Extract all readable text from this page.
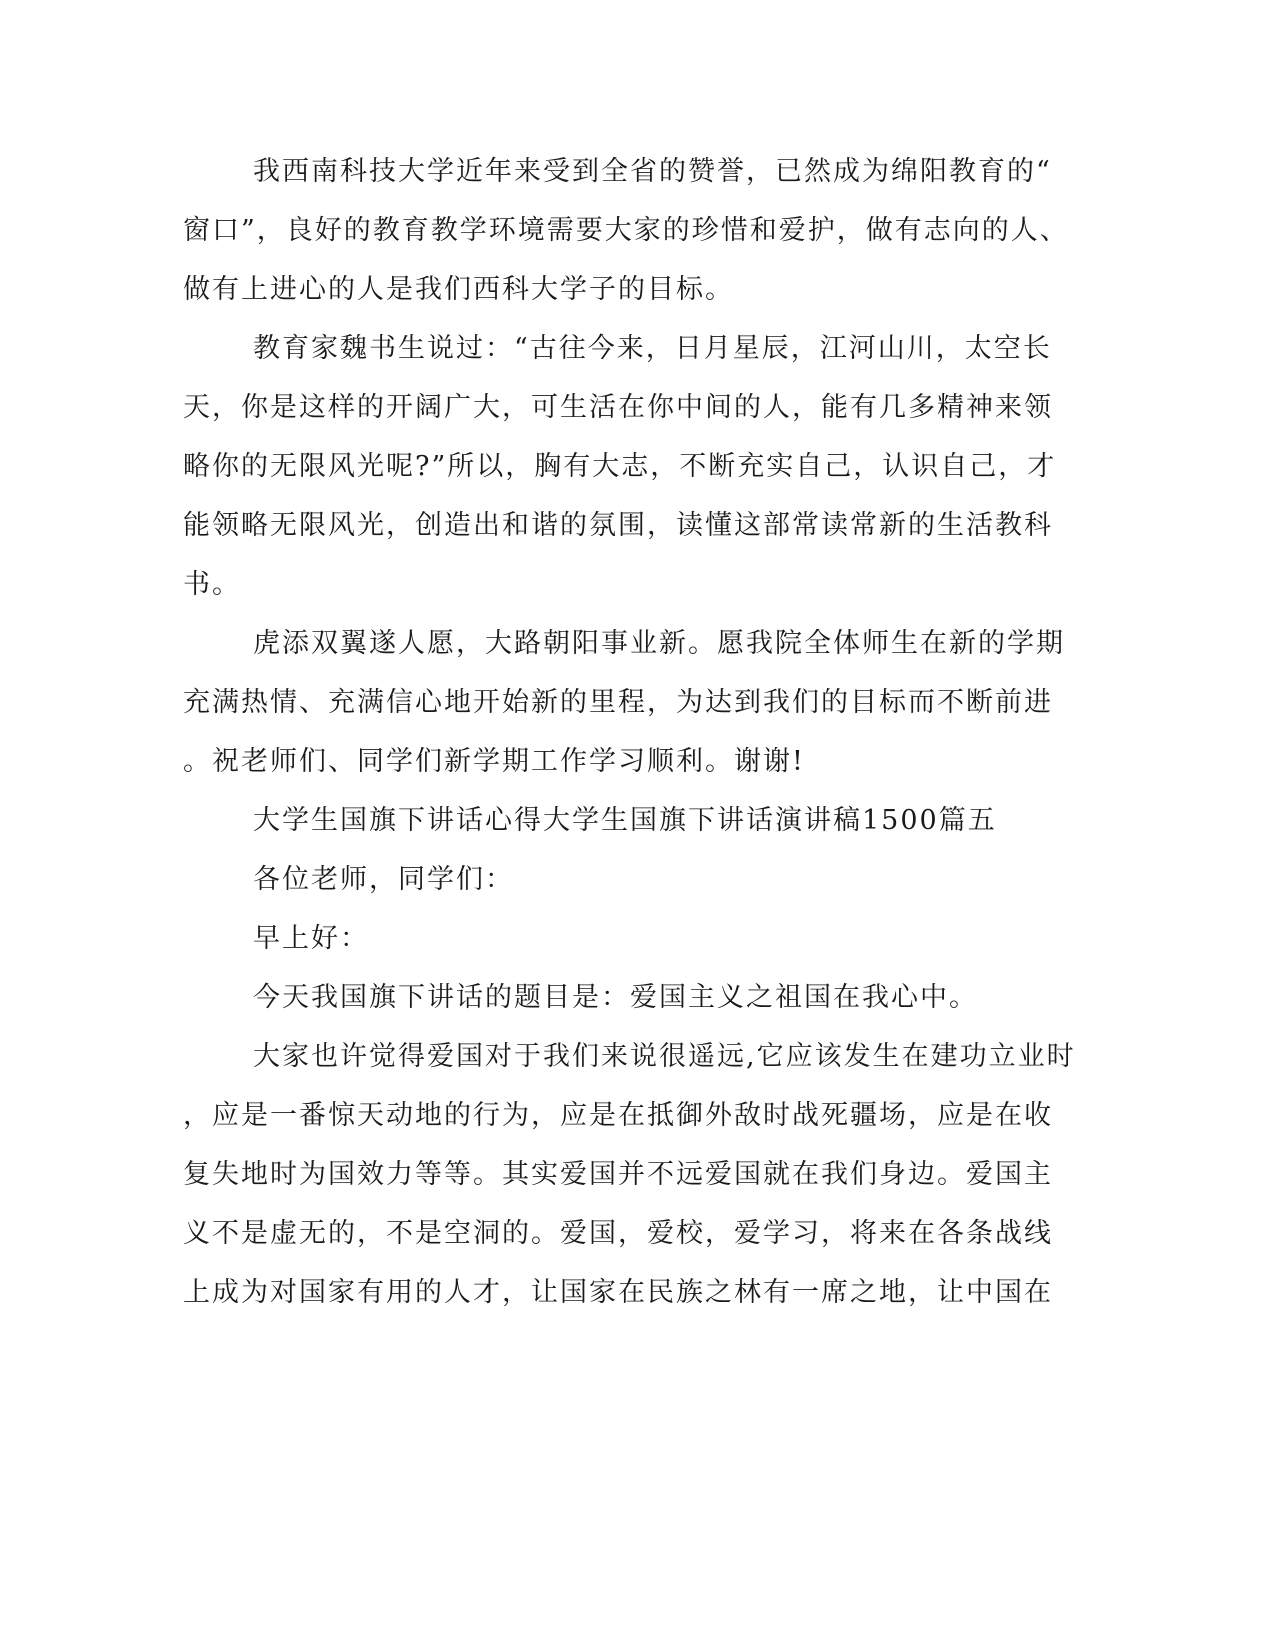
我西南科技大学近年来受到全省的赞誉，已然成为绵阳教育的“
窗口”，良好的教育教学环境需要大家的珍惜和爱护，做有志向的人、
做有上进心的人是我们西科大学子的目标。
教育家魏书生说过：“古往今来，日月星辰，江河山川，太空长
天，你是这样的开阔广大，可生活在你中间的人，能有几多精神来领
略你的无限风光呢?”所以，胸有大志，不断充实自己，认识自己，才
能领略无限风光，创造出和谐的氛围，读懂这部常读常新的生活教科
书。
虎添双翼遂人愿，大路朝阳事业新。愿我院全体师生在新的学期
充满热情、充满信心地开始新的里程，为达到我们的目标而不断前进
。祝老师们、同学们新学期工作学习顺利。谢谢!
大学生国旗下讲话心得大学生国旗下讲话演讲稿1500篇五
各位老师，同学们：
早上好：
今天我国旗下讲话的题目是：爱国主义之祖国在我心中。
大家也许觉得爱国对于我们来说很遥远,它应该发生在建功立业时
，应是一番惊天动地的行为，应是在抵御外敌时战死疆场，应是在收
复失地时为国效力等等。其实爱国并不远爱国就在我们身边。爱国主
义不是虚无的，不是空洞的。爱国，爱校，爱学习，将来在各条战线
上成为对国家有用的人才，让国家在民族之林有一席之地，让中国在
